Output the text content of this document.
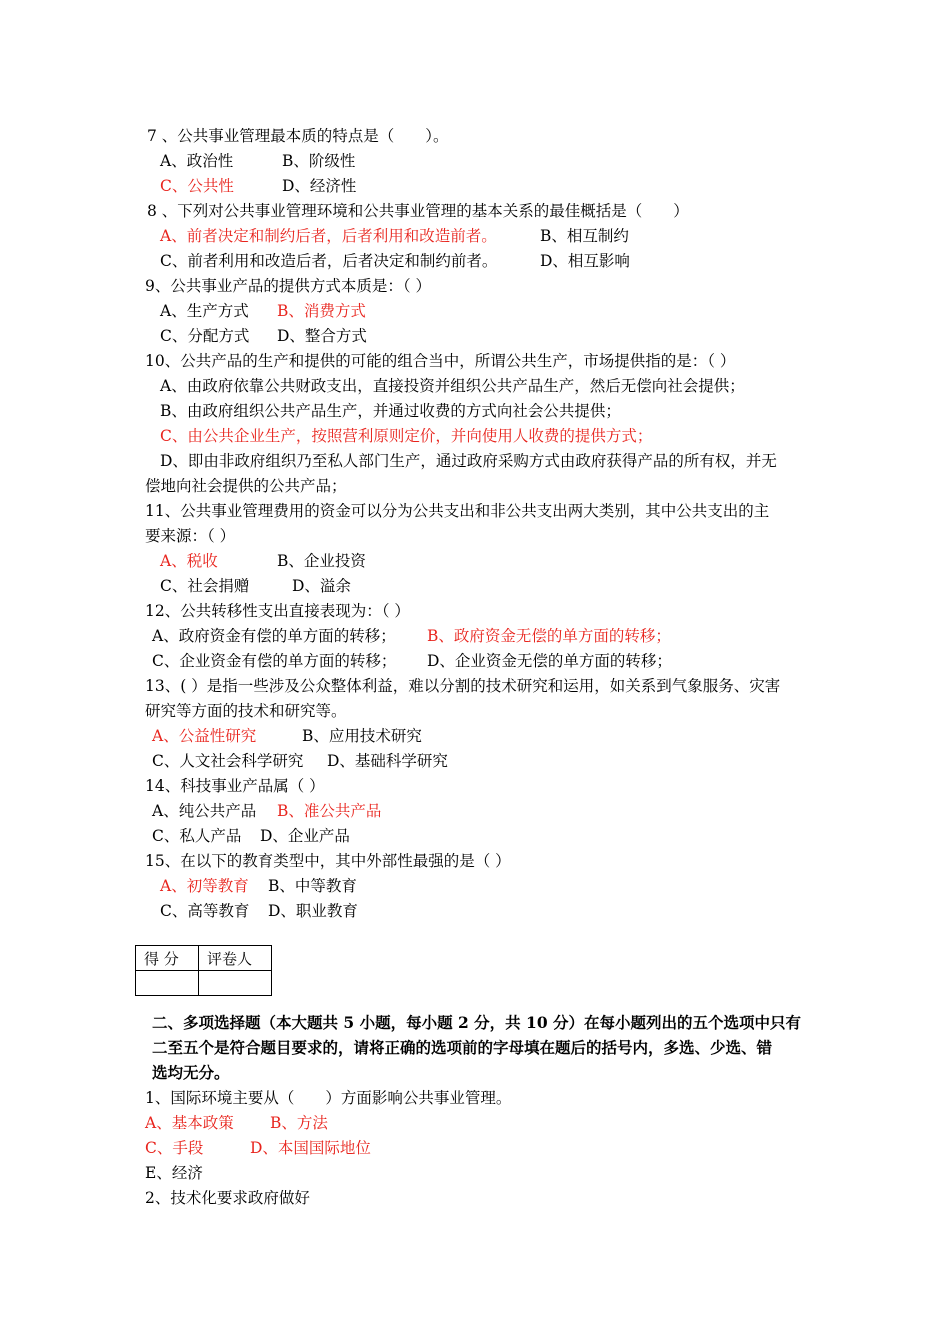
7 、公共事业管理最本质的特点是（　　）。
A、政治性	B、阶级性
C、公共性	D、经济性
8 、下列对公共事业管理环境和公共事业管理的基本关系的最佳概括是（　　）
A、前者决定和制约后者，后者利用和改造前者。	B、相互制约
C、前者利用和改造后者，后者决定和制约前者。	D、相互影响
9、公共事业产品的提供方式本质是：（ ）
A、生产方式 B、消费方式
C、分配方式 D、整合方式
10、公共产品的生产和提供的可能的组合当中，所谓公共生产，市场提供指的是：（ ）
A、由政府依靠公共财政支出，直接投资并组织公共产品生产，然后无偿向社会提供；
B、由政府组织公共产品生产，并通过收费的方式向社会公共提供；
C、由公共企业生产，按照营利原则定价，并向使用人收费的提供方式；
D、即由非政府组织乃至私人部门生产，通过政府采购方式由政府获得产品的所有权，并无
偿地向社会提供的公共产品；
11、公共事业管理费用的资金可以分为公共支出和非公共支出两大类别，其中公共支出的主
要来源：（ ）
A、税收	B、企业投资
C、社会捐赠	D、溢余
12、公共转移性支出直接表现为：（ ）
A、政府资金有偿的单方面的转移； B、政府资金无偿的单方面的转移；
C、企业资金有偿的单方面的转移； D、企业资金无偿的单方面的转移；
13、( ）是指一些涉及公众整体利益，难以分割的技术研究和运用，如关系到气象服务、灾害
研究等方面的技术和研究等。
A、公益性研究	B、应用技术研究
C、人文社会科学研究 D、基础科学研究
14、科技事业产品属（ ）
A、纯公共产品 B、准公共产品
C、私人产品 D、企业产品
15、在以下的教育类型中，其中外部性最强的是（ ）
A、初等教育 B、中等教育
C、高等教育 D、职业教育
得 分	评卷人

二、多项选择题（本大题共 5 小题，每小题 2 分，共 10 分）在每小题列出的五个选项中只有
二至五个是符合题目要求的，请将正确的选项前的字母填在题后的括号内，多选、少选、错
选均无分。
1、国际环境主要从（　　）方面影响公共事业管理。
A、基本政策 B、方法
C、手段	D、本国国际地位
E、经济
2、技术化要求政府做好
